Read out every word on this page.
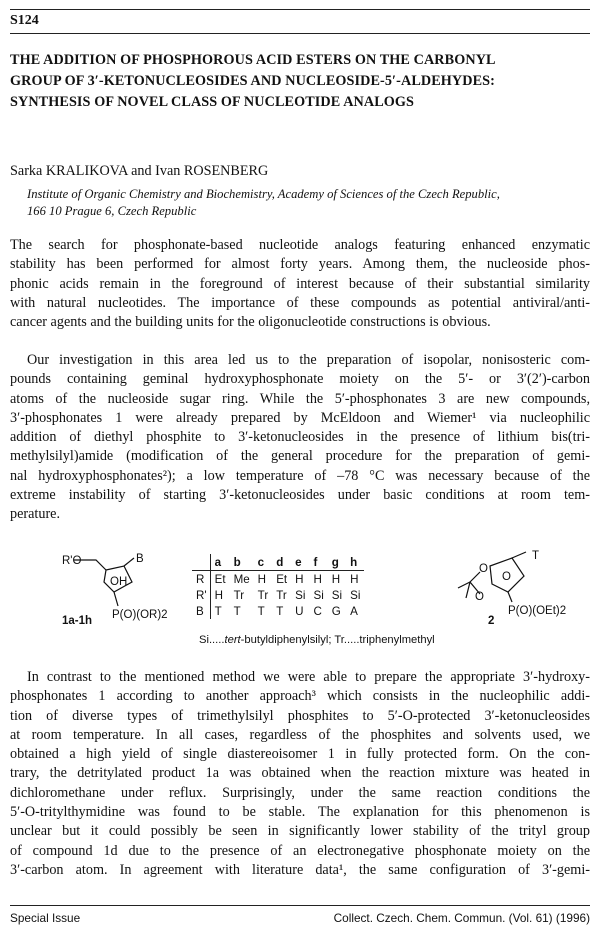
S124
THE ADDITION OF PHOSPHOROUS ACID ESTERS ON THE CARBONYL
GROUP OF 3′-KETONUCLEOSIDES AND NUCLEOSIDE-5′-ALDEHYDES:
SYNTHESIS OF NOVEL CLASS OF NUCLEOTIDE ANALOGS
Sarka KRALIKOVA and Ivan ROSENBERG
Institute of Organic Chemistry and Biochemistry, Academy of Sciences of the Czech Republic,
166 10 Prague 6, Czech Republic
The search for phosphonate-based nucleotide analogs featuring enhanced enzymatic
stability has been performed for almost forty years. Among them, the nucleoside phos-
phonic acids remain in the foreground of interest because of their substantial similarity
with natural nucleotides. The importance of these compounds as potential antiviral/anti-
cancer agents and the building units for the oligonucleotide constructions is obvious.
Our investigation in this area led us to the preparation of isopolar, nonisosteric com-
pounds containing geminal hydroxyphosphonate moiety on the 5′- or 3′(2′)-carbon
atoms of the nucleoside sugar ring. While the 5′-phosphonates 3 are new compounds,
3′-phosphonates 1 were already prepared by McEldoon and Wiemer¹ via nucleophilic
addition of diethyl phosphite to 3′-ketonucleosides in the presence of lithium bis(tri-
methylsilyl)amide (modification of the general procedure for the preparation of gemi-
nal hydroxyphosphonates²); a low temperature of –78 °C was necessary because of the
extreme instability of starting 3′-ketonucleosides under basic conditions at room tem-
perature.
R'O	B
OH
1a-1h P(O)(OR)2
T
O
O
O
2
P(O)(OEt)2
	a	b	c	d	e	f	g	h
R	Et	Me	H	Et	H	H	H	H
R'	H	Tr	Tr	Tr	Si	Si	Si	Si
B	T	T	T	T	U	C	G	A
Si.....tert-butyldiphenylsilyl; Tr.....triphenylmethyl
In contrast to the mentioned method we were able to prepare the appropriate 3′-hydroxy-
phosphonates 1 according to another approach³ which consists in the nucleophilic addi-
tion of diverse types of trimethylsilyl phosphites to 5′-O-protected 3′-ketonucleosides
at room temperature. In all cases, regardless of the phosphites and solvents used, we
obtained a high yield of single diastereoisomer 1 in fully protected form. On the con-
trary, the detritylated product 1a was obtained when the reaction mixture was heated in
dichloromethane under reflux. Surprisingly, under the same reaction conditions the
5′-O-tritylthymidine was found to be stable. The explanation for this phenomenon is
unclear but it could possibly be seen in significantly lower stability of the trityl group
of compound 1d due to the presence of an electronegative phosphonate moiety on the
3′-carbon atom. In agreement with literature data¹, the same configuration of 3′-gemi-
Special Issue	Collect. Czech. Chem. Commun. (Vol. 61) (1996)
